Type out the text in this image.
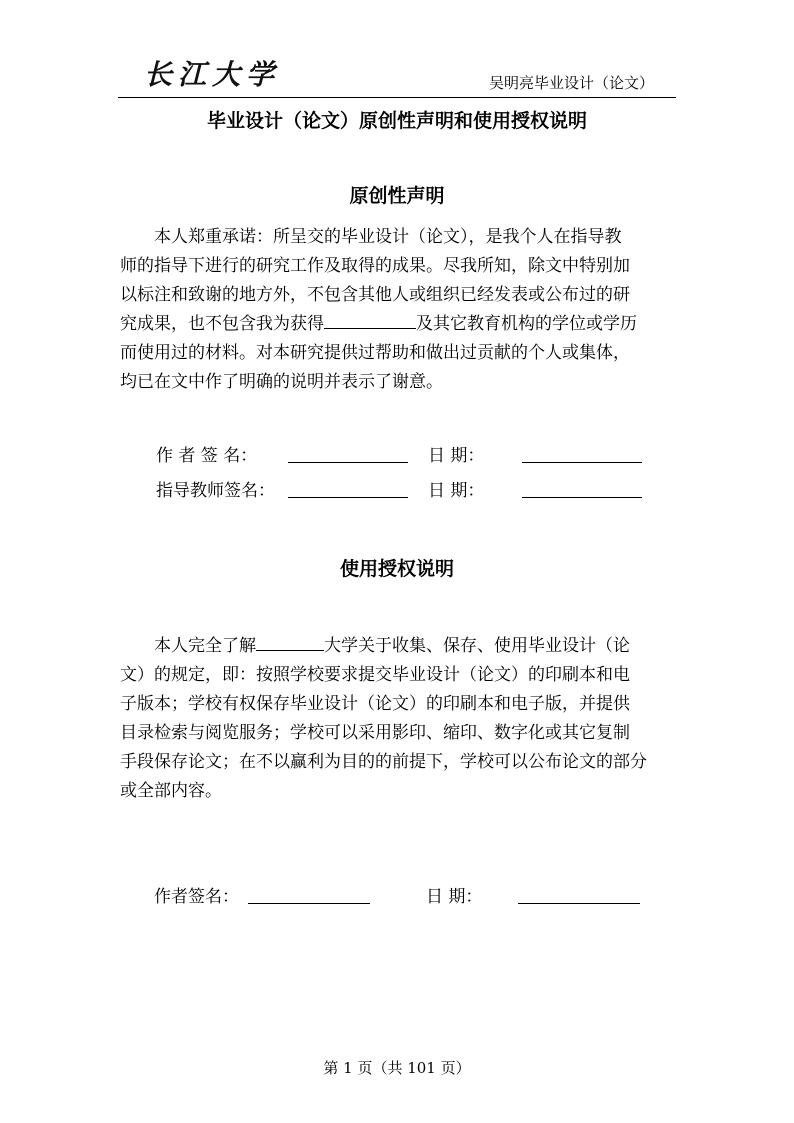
长江大学	吴明亮毕业设计（论文）
毕业设计（论文）原创性声明和使用授权说明
原创性声明

本人郑重承诺：所呈交的毕业设计（论文），是我个人在指导教

师的指导下进行的研究工作及取得的成果。尽我所知，除文中特别加

以标注和致谢的地方外，不包含其他人或组织已经发表或公布过的研

究成果，也不包含我为获得	及其它教育机构的学位或学历

而使用过的材料。对本研究提供过帮助和做出过贡献的个人或集体，

均已在文中作了明确的说明并表示了谢意。

作 者 签 名：	日 期：
指导教师签名：	日 期：
使用授权说明

本人完全了解	大学关于收集、保存、使用毕业设计（论

文）的规定，即：按照学校要求提交毕业设计（论文）的印刷本和电

子版本；学校有权保存毕业设计（论文）的印刷本和电子版，并提供

目录检索与阅览服务；学校可以采用影印、缩印、数字化或其它复制

手段保存论文；在不以赢利为目的的前提下，学校可以公布论文的部分

或全部内容。

作者签名：	日 期：
第 1 页（共 101 页）
